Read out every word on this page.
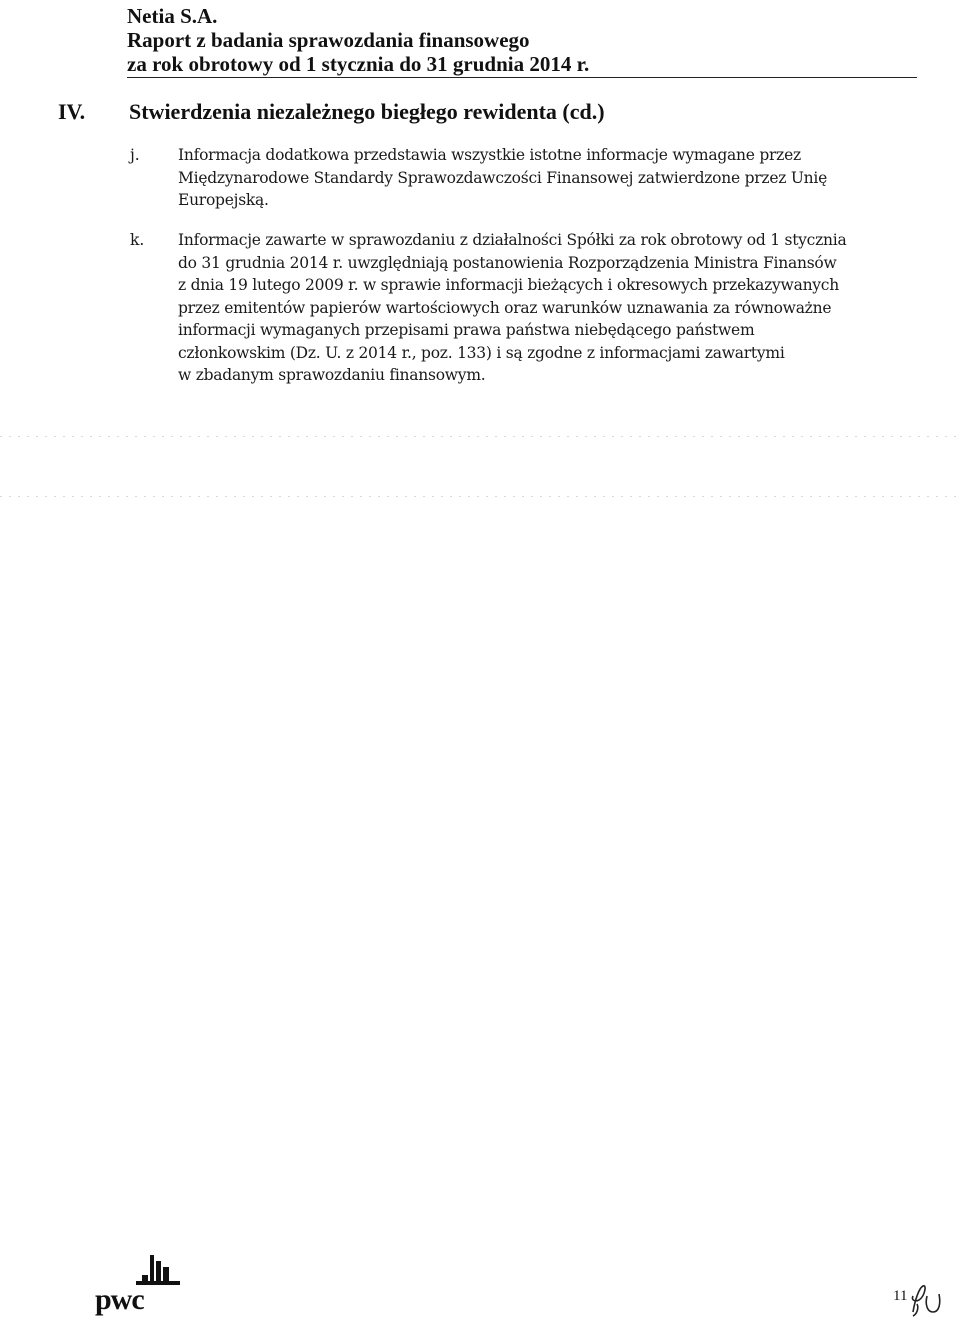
Netia S.A.
Raport z badania sprawozdania finansowego
za rok obrotowy od 1 stycznia do 31 grudnia 2014 r.
IV. Stwierdzenia niezależnego biegłego rewidenta (cd.)
j. Informacja dodatkowa przedstawia wszystkie istotne informacje wymagane przez
Międzynarodowe Standardy Sprawozdawczości Finansowej zatwierdzone przez Unię
Europejską.
k. Informacje zawarte w sprawozdaniu z działalności Spółki za rok obrotowy od 1 stycznia
do 31 grudnia 2014 r. uwzględniają postanowienia Rozporządzenia Ministra Finansów
z dnia 19 lutego 2009 r. w sprawie informacji bieżących i okresowych przekazywanych
przez emitentów papierów wartościowych oraz warunków uznawania za równoważne
informacji wymaganych przepisami prawa państwa niebędącego państwem
członkowskim (Dz. U. z 2014 r., poz. 133) i są zgodne z informacjami zawartymi
w zbadanym sprawozdaniu finansowym.
pwc	11
